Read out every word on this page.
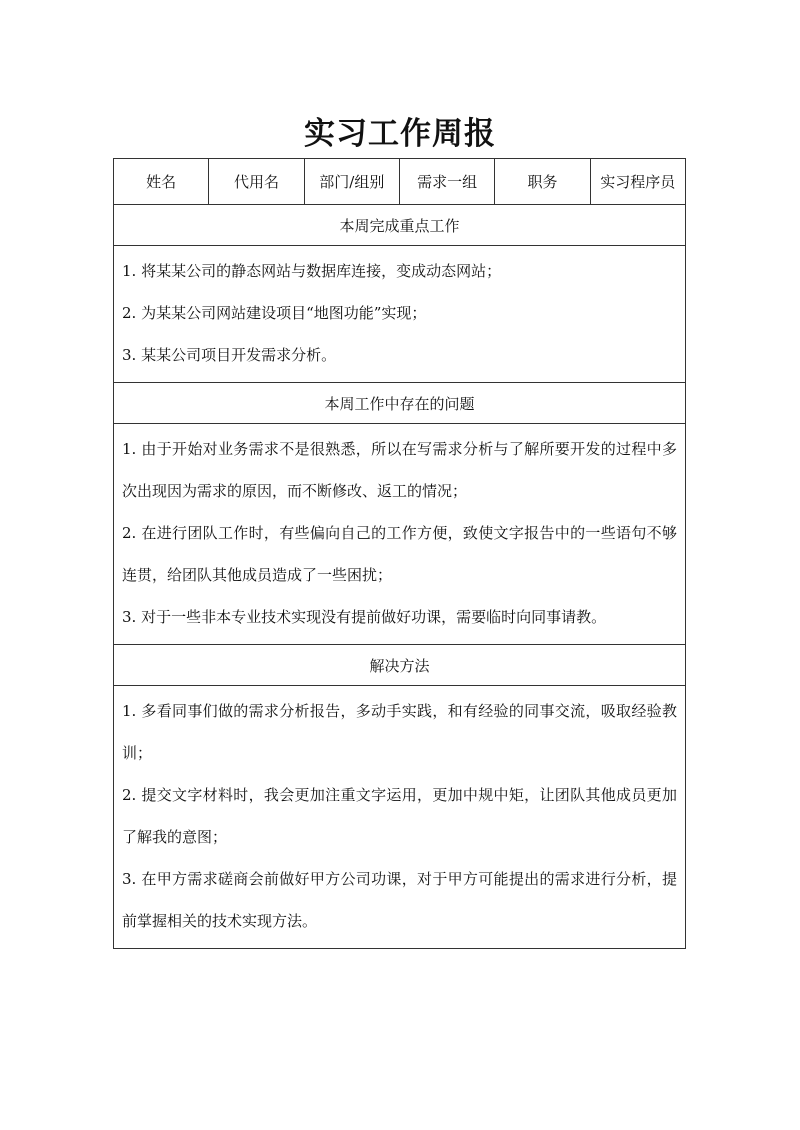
实习工作周报
姓名	代用名	部门/组别	需求一组	职务	实习程序员
本周完成重点工作
1. 将某某公司的静态网站与数据库连接，变成动态网站；
2. 为某某公司网站建设项目“地图功能”实现；
3. 某某公司项目开发需求分析。
本周工作中存在的问题
1. 由于开始对业务需求不是很熟悉，所以在写需求分析与了解所要开发的过程中多次出现因为需求的原因，而不断修改、返工的情况；
2. 在进行团队工作时，有些偏向自己的工作方便，致使文字报告中的一些语句不够连贯，给团队其他成员造成了一些困扰；
3. 对于一些非本专业技术实现没有提前做好功课，需要临时向同事请教。
解决方法
1. 多看同事们做的需求分析报告，多动手实践，和有经验的同事交流，吸取经验教训；
2. 提交文字材料时，我会更加注重文字运用，更加中规中矩，让团队其他成员更加了解我的意图；
3. 在甲方需求磋商会前做好甲方公司功课，对于甲方可能提出的需求进行分析，提前掌握相关的技术实现方法。
